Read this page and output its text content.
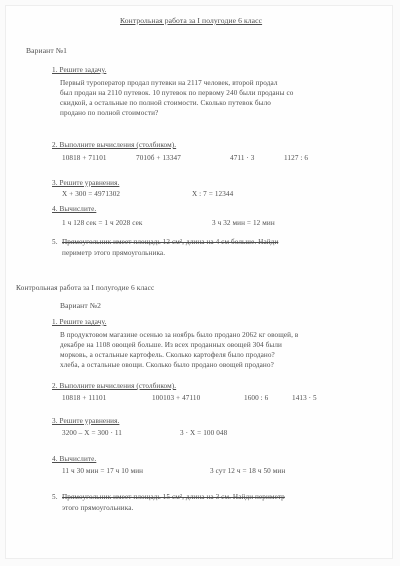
Контрольная работа за I полугодие 6 класс
Вариант №1
1. Решите задачу.
Первый туроператор продал путевки на 2117 человек, второй продал
был продан на 2110 путевок. 10 путевок по первому 240 были проданы со
скидкой, а остальные по полной стоимости. Сколько путевок было
продано по полной стоимости?
2. Выполните вычисления (столбиком).
10818 + 71101	7010б + 13347	4711 · 3	1127 : 6
3. Решите уравнения.
Х + 300 = 4971302	Х : 7 = 12344
4. Вычислите.
1 ч 128 сек = 1 ч 2028 сек	3 ч 32 мин = 12 мин
5. Прямоугольник имеет площадь 12 см², длина на 4 см больше. Найди
периметр этого прямоугольника.
Контрольная работа за I полугодие 6 класс
Вариант №2
1. Решите задачу.
В продуктовом магазине осенью за ноябрь было продано 2062 кг овощей, в
декабре на 1108 овощей больше. Из всех проданных овощей 304 были
морковь, а остальные картофель. Сколько картофеля было продано?
хлеба, а остальные овощи. Сколько было продано овощей продано?
2. Выполните вычисления (столбиком).
10818 + 11101	100103 + 47110	1600 : 6	1413 · 5
3. Решите уравнения.
3200 – Х = 300 · 11	3 · Х = 100 048
4. Вычислите.
11 ч 30 мин = 17 ч 10 мин	3 сут 12 ч = 18 ч 50 мин
5. Прямоугольник имеет площадь 15 см², длина на 3 см. Найди периметр
этого прямоугольника.
